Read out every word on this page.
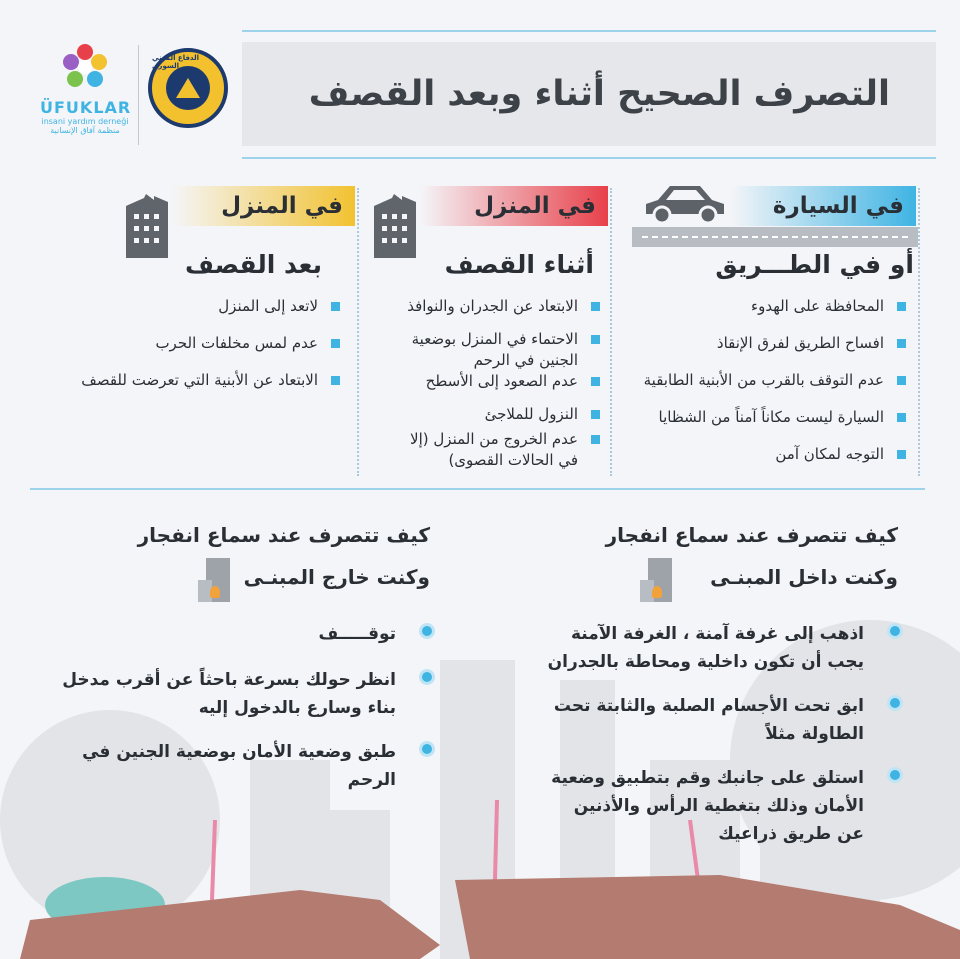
ÜFUKLAR
insani yardım derneği
منظمة آفاق الإنسانية
الدفاع المدني السوري
التصرف الصحيح أثناء وبعد القصف
في السيارة
أو في الطـــريق
المحافظة على الهدوء
افساح الطريق لفرق الإنقاذ
عدم التوقف بالقرب من الأبنية الطابقية
السيارة ليست مكاناً آمناً من الشظايا
التوجه لمكان آمن
في المنزل
أثناء القصف
الابتعاد عن الجدران والنوافذ
الاحتماء في المنزل بوضعية الجنين في الرحم
عدم الصعود إلى الأسطح
النزول للملاجئ
عدم الخروج من المنزل (إلا في الحالات القصوى)
في المنزل
بعد القصف
لاتعد إلى المنزل
عدم لمس مخلفات الحرب
الابتعاد عن الأبنية التي تعرضت للقصف
كيف تتصرف عند سماع انفجار
وكنت داخل المبنـى
اذهب إلى غرفة آمنة ، الغرفة الآمنة يجب أن تكون داخلية ومحاطة بالجدران
ابق تحت الأجسام الصلبة والثابتة تحت الطاولة مثلاً
استلق على جانبك وقم بتطبيق وضعية الأمان وذلك بتغطية الرأس والأذنين عن طريق ذراعيك
كيف تتصرف عند سماع انفجار
وكنت خارج المبنـى
توقـــــف
انظر حولك بسرعة باحثاً عن أقرب مدخل بناء وسارع بالدخول إليه
طبق وضعية الأمان بوضعية الجنين في الرحم
